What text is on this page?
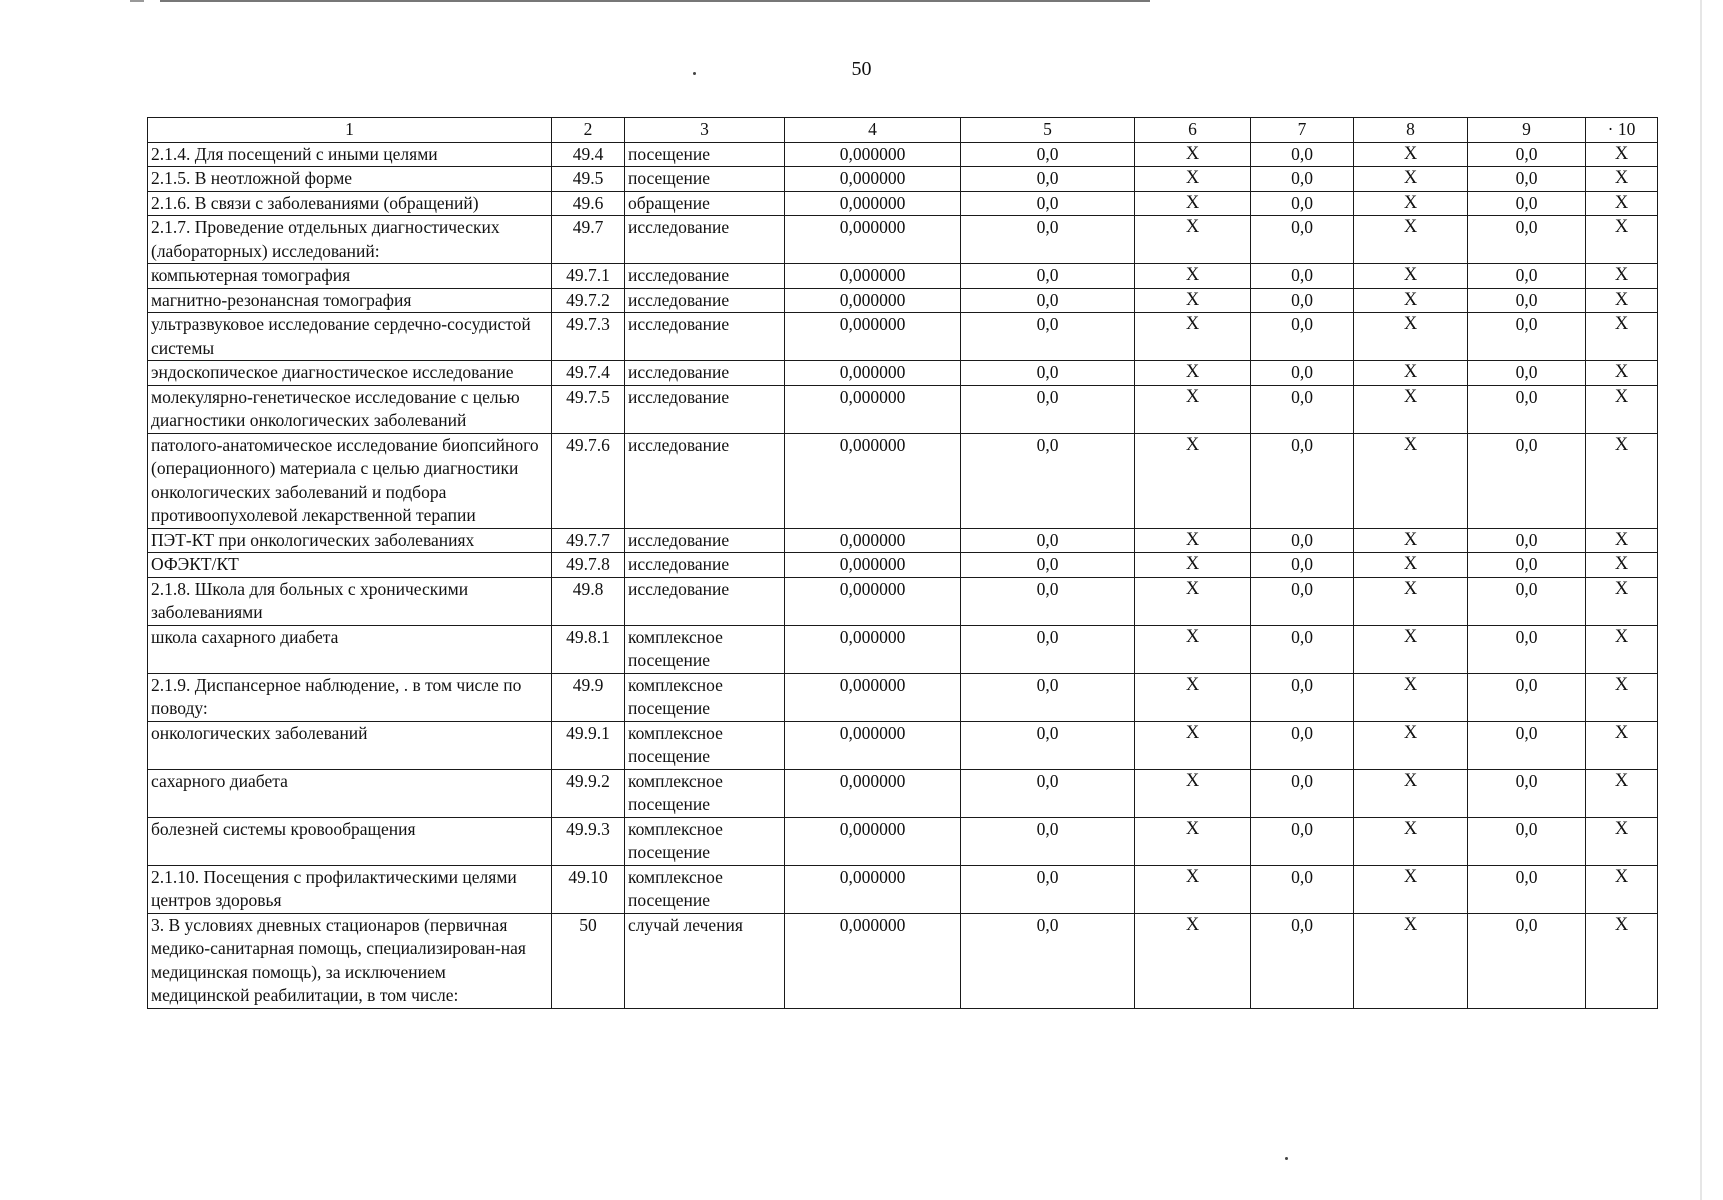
50
1	2	3	4	5	6	7	8	9	· 10
2.1.4. Для посещений с иными целями	49.4	посещение	0,000000	0,0	X	0,0	X	0,0	X
2.1.5. В неотложной форме	49.5	посещение	0,000000	0,0	X	0,0	X	0,0	X
2.1.6. В связи с заболеваниями (обращений)	49.6	обращение	0,000000	0,0	X	0,0	X	0,0	X
2.1.7. Проведение отдельных диагностических (лабораторных) исследований:	49.7	исследование	0,000000	0,0	X	0,0	X	0,0	X
компьютерная томография	49.7.1	исследование	0,000000	0,0	X	0,0	X	0,0	X
магнитно-резонансная томография	49.7.2	исследование	0,000000	0,0	X	0,0	X	0,0	X
ультразвуковое исследование сердечно-сосудистой системы	49.7.3	исследование	0,000000	0,0	X	0,0	X	0,0	X
эндоскопическое диагностическое исследование	49.7.4	исследование	0,000000	0,0	X	0,0	X	0,0	X
молекулярно-генетическое исследование с целью диагностики онкологических заболеваний	49.7.5	исследование	0,000000	0,0	X	0,0	X	0,0	X
патолого-анатомическое исследование биопсийного (операционного) материала с целью диагностики онкологических заболеваний и подбора противоопухолевой лекарственной терапии	49.7.6	исследование	0,000000	0,0	X	0,0	X	0,0	X
ПЭТ-КТ при онкологических заболеваниях	49.7.7	исследование	0,000000	0,0	X	0,0	X	0,0	X
ОФЭКТ/КТ	49.7.8	исследование	0,000000	0,0	X	0,0	X	0,0	X
2.1.8. Школа для больных с хроническими заболеваниями	49.8	исследование	0,000000	0,0	X	0,0	X	0,0	X
школа сахарного диабета	49.8.1	комплексное посещение	0,000000	0,0	X	0,0	X	0,0	X
2.1.9. Диспансерное наблюдение, . в том числе по поводу:	49.9	комплексное посещение	0,000000	0,0	X	0,0	X	0,0	X
онкологических заболеваний	49.9.1	комплексное посещение	0,000000	0,0	X	0,0	X	0,0	X
сахарного диабета	49.9.2	комплексное посещение	0,000000	0,0	X	0,0	X	0,0	X
болезней системы кровообращения	49.9.3	комплексное посещение	0,000000	0,0	X	0,0	X	0,0	X
2.1.10. Посещения с профилактическими целями центров здоровья	49.10	комплексное посещение	0,000000	0,0	X	0,0	X	0,0	X
3. В условиях дневных стационаров (первичная медико-санитарная помощь, специализирован-ная медицинская помощь), за исключением медицинской реабилитации, в том числе:	50	случай лечения	0,000000	0,0	X	0,0	X	0,0	X
